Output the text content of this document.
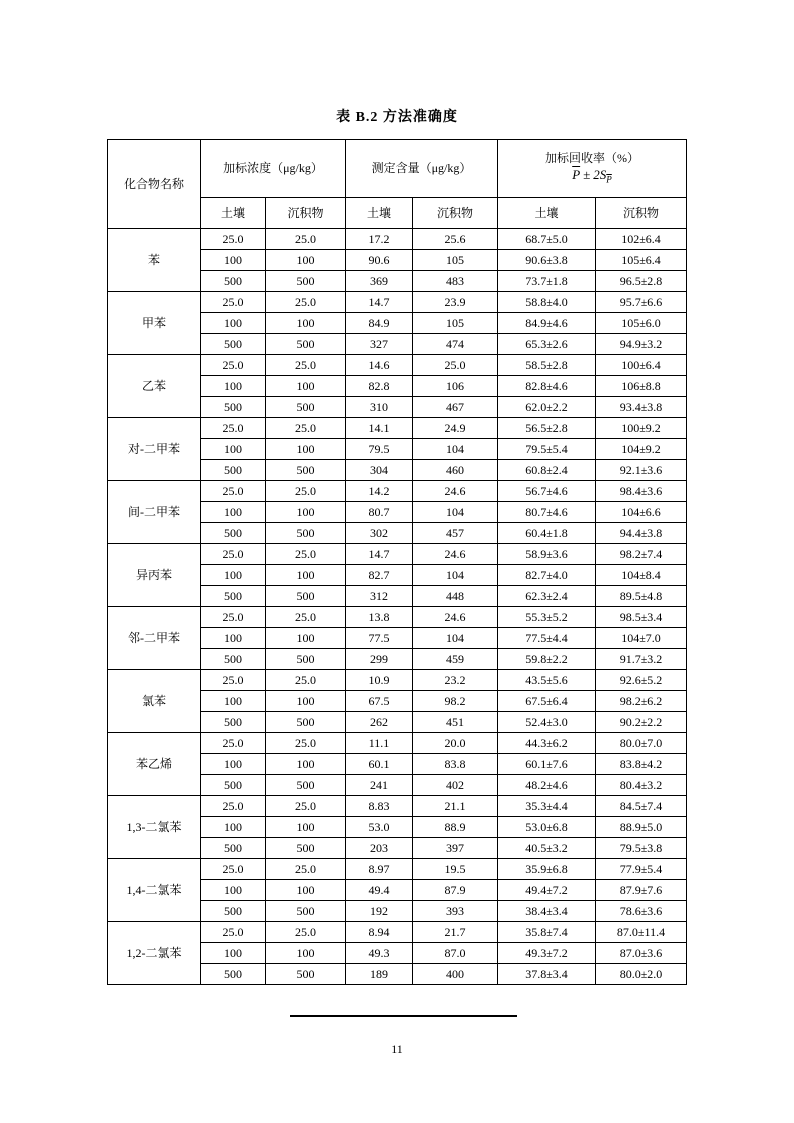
表 B.2 方法准确度
化合物名称	加标浓度（μg/kg）		测定含量（μg/kg）		加标回收率（%）
$\overline{P} \pm 2S_{\overline{P}}$

	土壤	沉积物	土壤	沉积物	土壤	沉积物
苯	25.0	25.0	17.2	25.6	68.7±5.0	102±6.4
	100	100	90.6	105	90.6±3.8	105±6.4
	500	500	369	483	73.7±1.8	96.5±2.8
甲苯	25.0	25.0	14.7	23.9	58.8±4.0	95.7±6.6
	100	100	84.9	105	84.9±4.6	105±6.0
	500	500	327	474	65.3±2.6	94.9±3.2
乙苯	25.0	25.0	14.6	25.0	58.5±2.8	100±6.4
	100	100	82.8	106	82.8±4.6	106±8.8
	500	500	310	467	62.0±2.2	93.4±3.8
对-二甲苯	25.0	25.0	14.1	24.9	56.5±2.8	100±9.2
	100	100	79.5	104	79.5±5.4	104±9.2
	500	500	304	460	60.8±2.4	92.1±3.6
间-二甲苯	25.0	25.0	14.2	24.6	56.7±4.6	98.4±3.6
	100	100	80.7	104	80.7±4.6	104±6.6
	500	500	302	457	60.4±1.8	94.4±3.8
异丙苯	25.0	25.0	14.7	24.6	58.9±3.6	98.2±7.4
	100	100	82.7	104	82.7±4.0	104±8.4
	500	500	312	448	62.3±2.4	89.5±4.8
邻-二甲苯	25.0	25.0	13.8	24.6	55.3±5.2	98.5±3.4
	100	100	77.5	104	77.5±4.4	104±7.0
	500	500	299	459	59.8±2.2	91.7±3.2
氯苯	25.0	25.0	10.9	23.2	43.5±5.6	92.6±5.2
	100	100	67.5	98.2	67.5±6.4	98.2±6.2
	500	500	262	451	52.4±3.0	90.2±2.2
苯乙烯	25.0	25.0	11.1	20.0	44.3±6.2	80.0±7.0
	100	100	60.1	83.8	60.1±7.6	83.8±4.2
	500	500	241	402	48.2±4.6	80.4±3.2
1,3-二氯苯	25.0	25.0	8.83	21.1	35.3±4.4	84.5±7.4
	100	100	53.0	88.9	53.0±6.8	88.9±5.0
	500	500	203	397	40.5±3.2	79.5±3.8
1,4-二氯苯	25.0	25.0	8.97	19.5	35.9±6.8	77.9±5.4
	100	100	49.4	87.9	49.4±7.2	87.9±7.6
	500	500	192	393	38.4±3.4	78.6±3.6
1,2-二氯苯	25.0	25.0	8.94	21.7	35.8±7.4	87.0±11.4
	100	100	49.3	87.0	49.3±7.2	87.0±3.6
	500	500	189	400	37.8±3.4	80.0±2.0
11
